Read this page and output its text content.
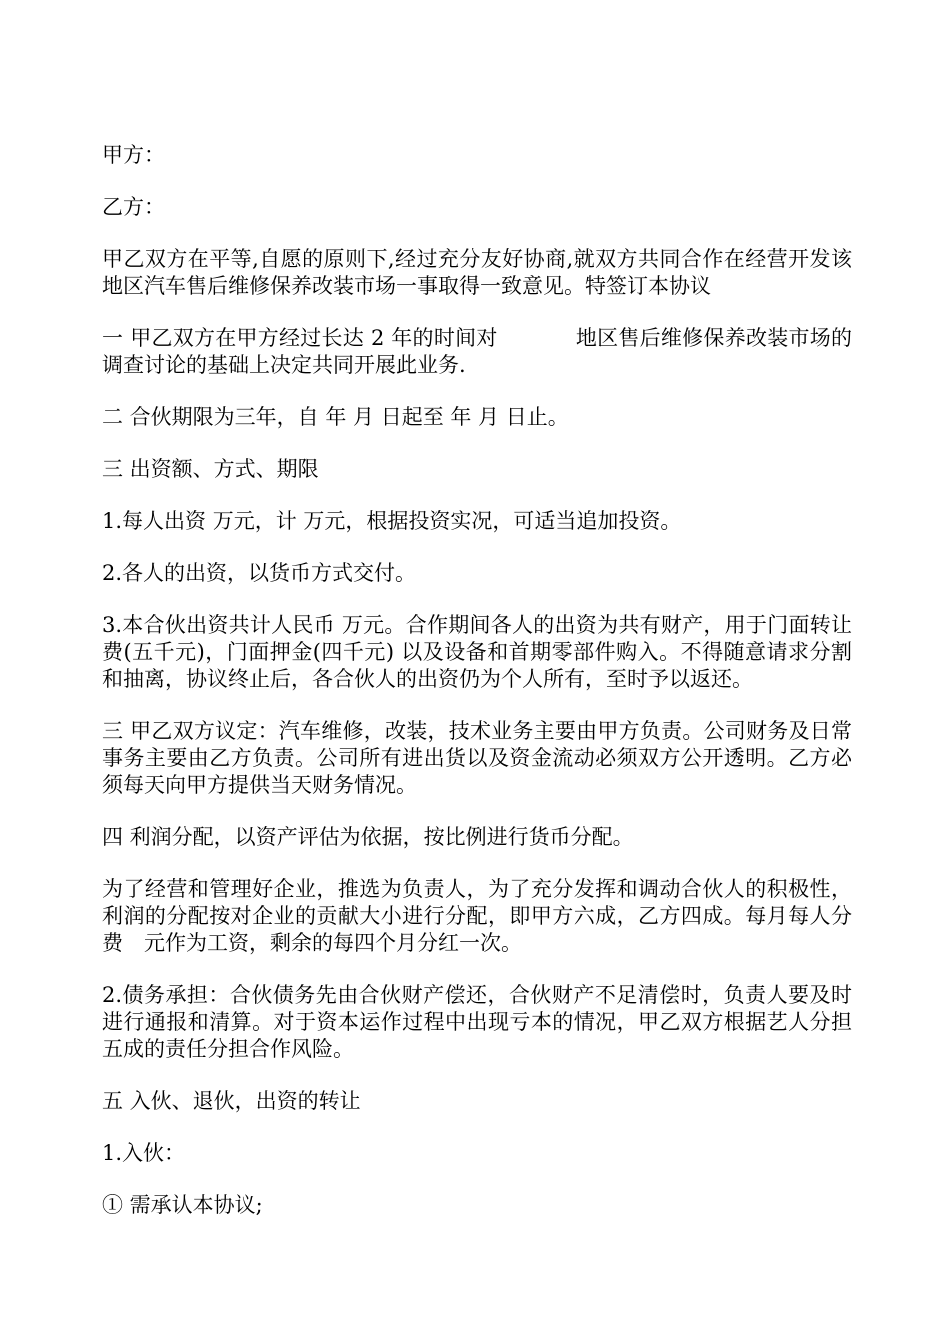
甲方：

乙方：

甲乙双方在平等,自愿的原则下,经过充分友好协商,就双方共同合作在经营开发该地区汽车售后维修保养改装市场一事取得一致意见。特签订本协议

一 甲乙双方在甲方经过长达 2 年的时间对	地区售后维修保养改装市场的调查讨论的基础上决定共同开展此业务.

二 合伙期限为三年，自 年 月 日起至 年 月 日止。

三 出资额、方式、期限

1.每人出资 万元，计 万元，根据投资实况，可适当追加投资。

2.各人的出资，以货币方式交付。

3.本合伙出资共计人民币 万元。合作期间各人的出资为共有财产，用于门面转让费(五千元)，门面押金(四千元) 以及设备和首期零部件购入。不得随意请求分割和抽离，协议终止后，各合伙人的出资仍为个人所有，至时予以返还。

三 甲乙双方议定：汽车维修，改装，技术业务主要由甲方负责。公司财务及日常事务主要由乙方负责。公司所有进出货以及资金流动必须双方公开透明。乙方必须每天向甲方提供当天财务情况。

四 利润分配，以资产评估为依据，按比例进行货币分配。

为了经营和管理好企业，推选为负责人，为了充分发挥和调动合伙人的积极性，利润的分配按对企业的贡献大小进行分配，即甲方六成，乙方四成。每月每人分费　元作为工资，剩余的每四个月分红一次。

2.债务承担：合伙债务先由合伙财产偿还，合伙财产不足清偿时，负责人要及时进行通报和清算。对于资本运作过程中出现亏本的情况，甲乙双方根据艺人分担五成的责任分担合作风险。

五 入伙、退伙，出资的转让

1.入伙：

① 需承认本协议;
